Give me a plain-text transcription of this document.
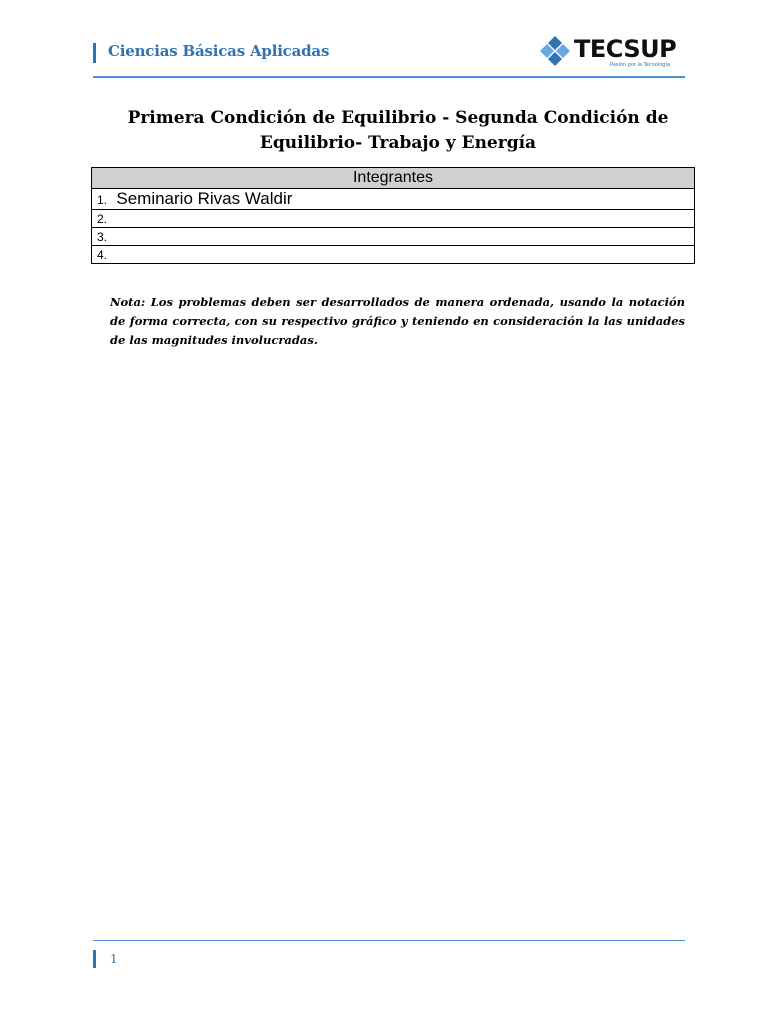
Ciencias Básicas Aplicadas	TECSUP
Pasión por la Tecnología
Primera Condición de Equilibrio - Segunda Condición de Equilibrio- Trabajo y Energía
Integrantes
1. Seminario Rivas Waldir
2.
3.
4.
Nota: Los problemas deben ser desarrollados de manera ordenada, usando la notación de forma correcta, con su respectivo gráfico y teniendo en consideración la las unidades de las magnitudes involucradas.
1
